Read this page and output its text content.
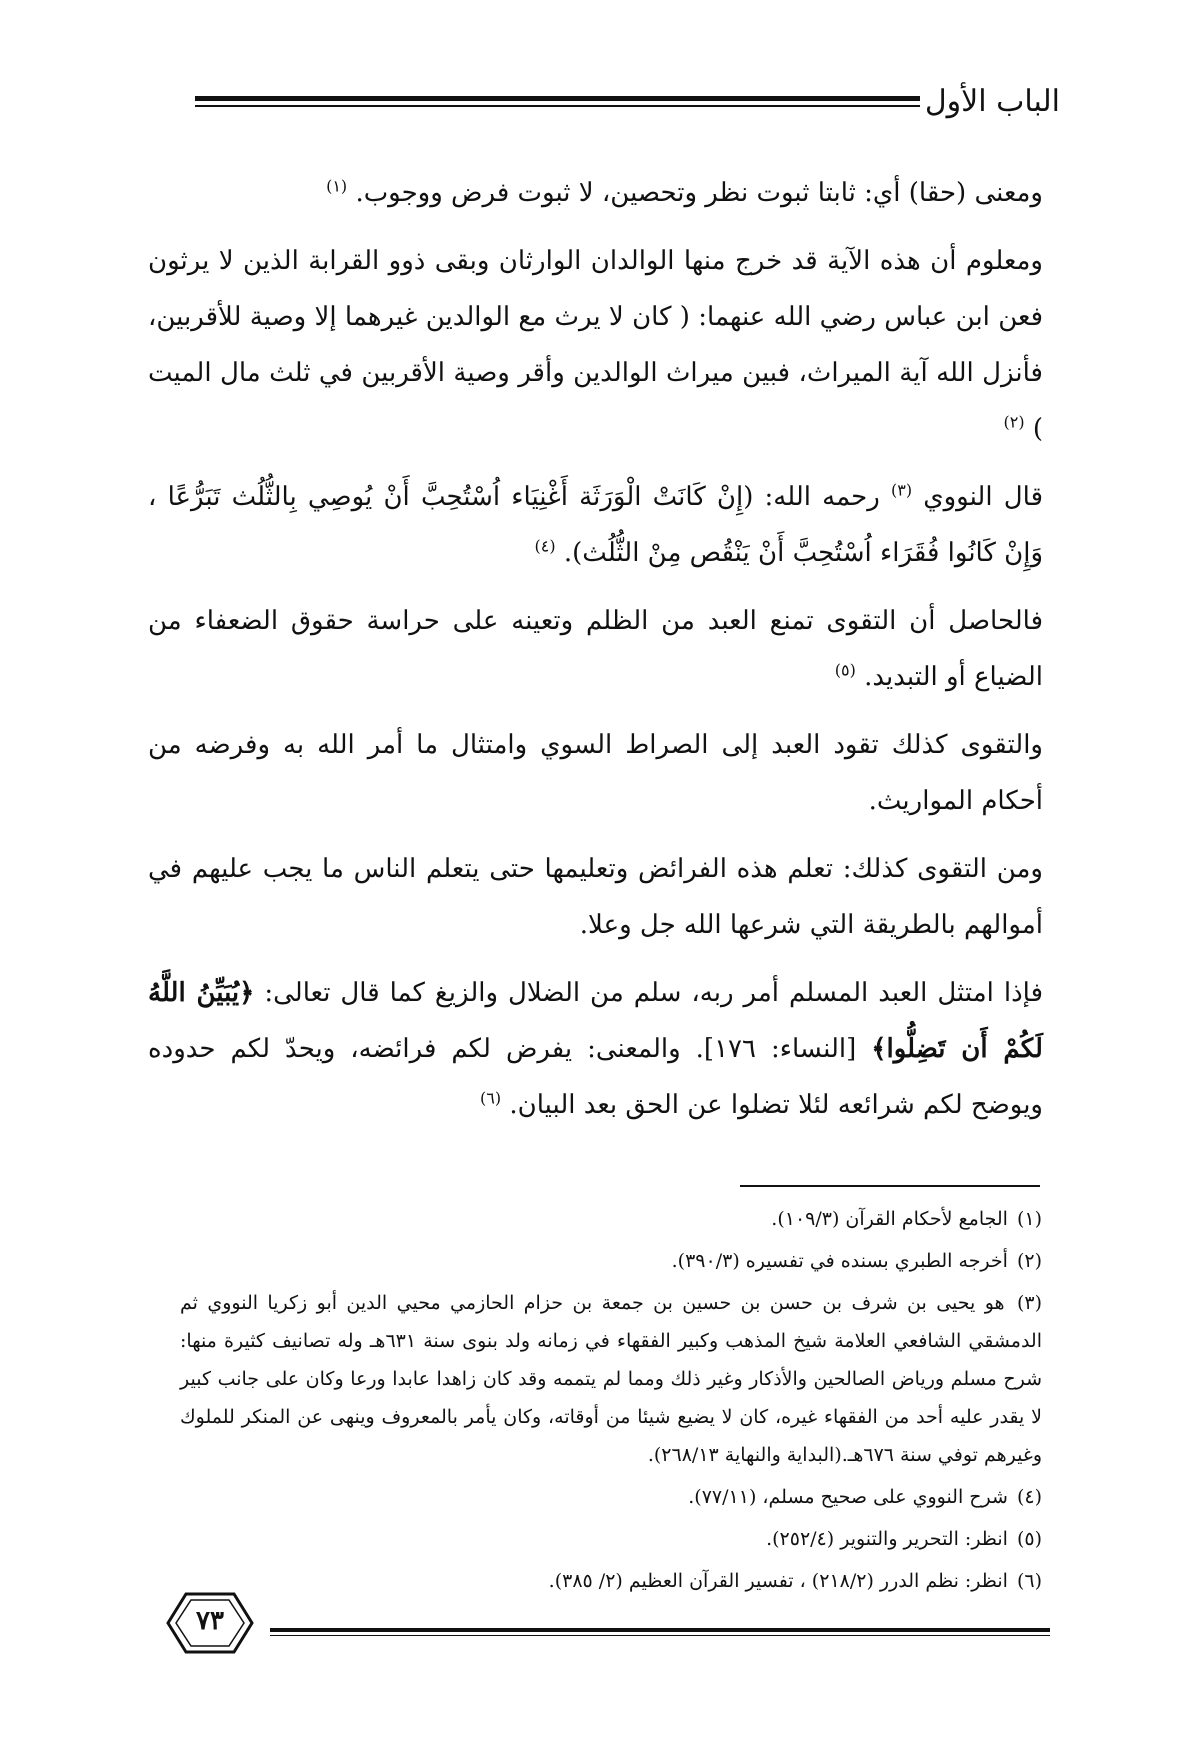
الباب الأول

ومعنى (حقا) أي: ثابتا ثبوت نظر وتحصين، لا ثبوت فرض ووجوب. $^{(١)}$

ومعلوم أن هذه الآية قد خرج منها الوالدان الوارثان وبقى ذوو القرابة الذين لا يرثون فعن ابن عباس رضي الله عنهما: ( كان لا يرث مع الوالدين غيرهما إلا وصية للأقربين، فأنزل الله آية الميراث، فبين ميراث الوالدين وأقر وصية الأقربين في ثلث مال الميت ) $^{(٢)}$

قال النووي $^{(٣)}$ رحمه الله: (إِنْ كَانَتْ الْوَرَثَة أَغْنِيَاء اُسْتُحِبَّ أَنْ يُوصِي بِالثُّلُث تَبَرُّعًا ، وَإِنْ كَانُوا فُقَرَاء اُسْتُحِبَّ أَنْ يَنْقُص مِنْ الثُّلُث). $^{(٤)}$

فالحاصل أن التقوى تمنع العبد من الظلم وتعينه على حراسة حقوق الضعفاء من الضياع أو التبديد. $^{(٥)}$

والتقوى كذلك تقود العبد إلى الصراط السوي وامتثال ما أمر الله به وفرضه من أحكام المواريث.

ومن التقوى كذلك: تعلم هذه الفرائض وتعليمها حتى يتعلم الناس ما يجب عليهم في أموالهم بالطريقة التي شرعها الله جل وعلا.

فإذا امتثل العبد المسلم أمر ربه، سلم من الضلال والزيغ كما قال تعالى: ﴿يُبَيِّنُ اللَّهُ لَكُمْ أَن تَضِلُّوا﴾ [النساء: ١٧٦]. والمعنى: يفرض لكم فرائضه، ويحدّ لكم حدوده ويوضح لكم شرائعه لئلا تضلوا عن الحق بعد البيان. $^{(٦)}$

(١) الجامع لأحكام القرآن (١٠٩/٣).
(٢) أخرجه الطبري بسنده في تفسيره (٣٩٠/٣).
(٣) هو يحيى بن شرف بن حسن بن حسين بن جمعة بن حزام الحازمي محيي الدين أبو زكريا النووي ثم الدمشقي الشافعي العلامة شيخ المذهب وكبير الفقهاء في زمانه ولد بنوى سنة ٦٣١هـ وله تصانيف كثيرة منها: شرح مسلم ورياض الصالحين والأذكار وغير ذلك ومما لم يتممه وقد كان زاهدا عابدا ورعا وكان على جانب كبير لا يقدر عليه أحد من الفقهاء غيره، كان لا يضيع شيئا من أوقاته، وكان يأمر بالمعروف وينهى عن المنكر للملوك وغيرهم توفي سنة ٦٧٦هـ.(البداية والنهاية ٢٦٨/١٣).
(٤) شرح النووي على صحيح مسلم، (٧٧/١١).
(٥) انظر: التحرير والتنوير (٢٥٢/٤).
(٦) انظر: نظم الدرر (٢١٨/٢) ، تفسير القرآن العظيم (٢/ ٣٨٥).
٧٣
